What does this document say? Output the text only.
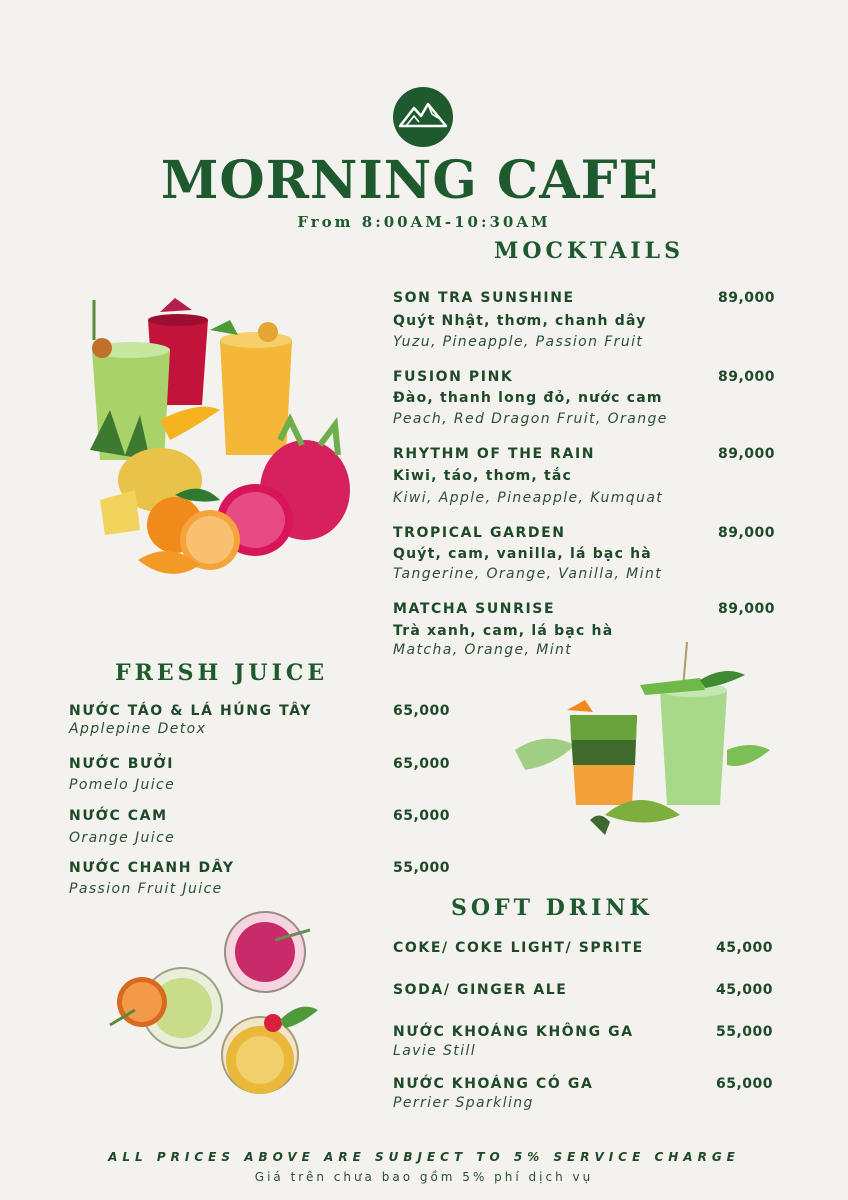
MORNING CAFE
From 8:00AM-10:30AM
MOCKTAILS
SON TRA SUNSHINE	89,000
Quýt Nhật, thơm, chanh dây
Yuzu, Pineapple, Passion Fruit
FUSION PINK	89,000
Đào, thanh long đỏ, nước cam
Peach, Red Dragon Fruit, Orange
RHYTHM OF THE RAIN	89,000
Kiwi, táo, thơm, tắc
Kiwi, Apple, Pineapple, Kumquat
TROPICAL GARDEN	89,000
Quýt, cam, vanilla, lá bạc hà
Tangerine, Orange, Vanilla, Mint
MATCHA SUNRISE	89,000
Trà xanh, cam, lá bạc hà
Matcha, Orange, Mint
FRESH JUICE
NƯỚC TÁO & LÁ HÚNG TÂY	65,000
Applepine Detox
NƯỚC BƯỞI	65,000
Pomelo Juice
NƯỚC CAM	65,000
Orange Juice
NƯỚC CHANH DÂY	55,000
Passion Fruit Juice
SOFT DRINK
COKE/ COKE LIGHT/ SPRITE	45,000
SODA/ GINGER ALE	45,000
NƯỚC KHOÁNG KHÔNG GA	55,000
Lavie Still
NƯỚC KHOÁNG CÓ GA	65,000
Perrier Sparkling
ALL PRICES ABOVE ARE SUBJECT TO 5% SERVICE CHARGE
Giá trên chưa bao gồm 5% phí dịch vụ
